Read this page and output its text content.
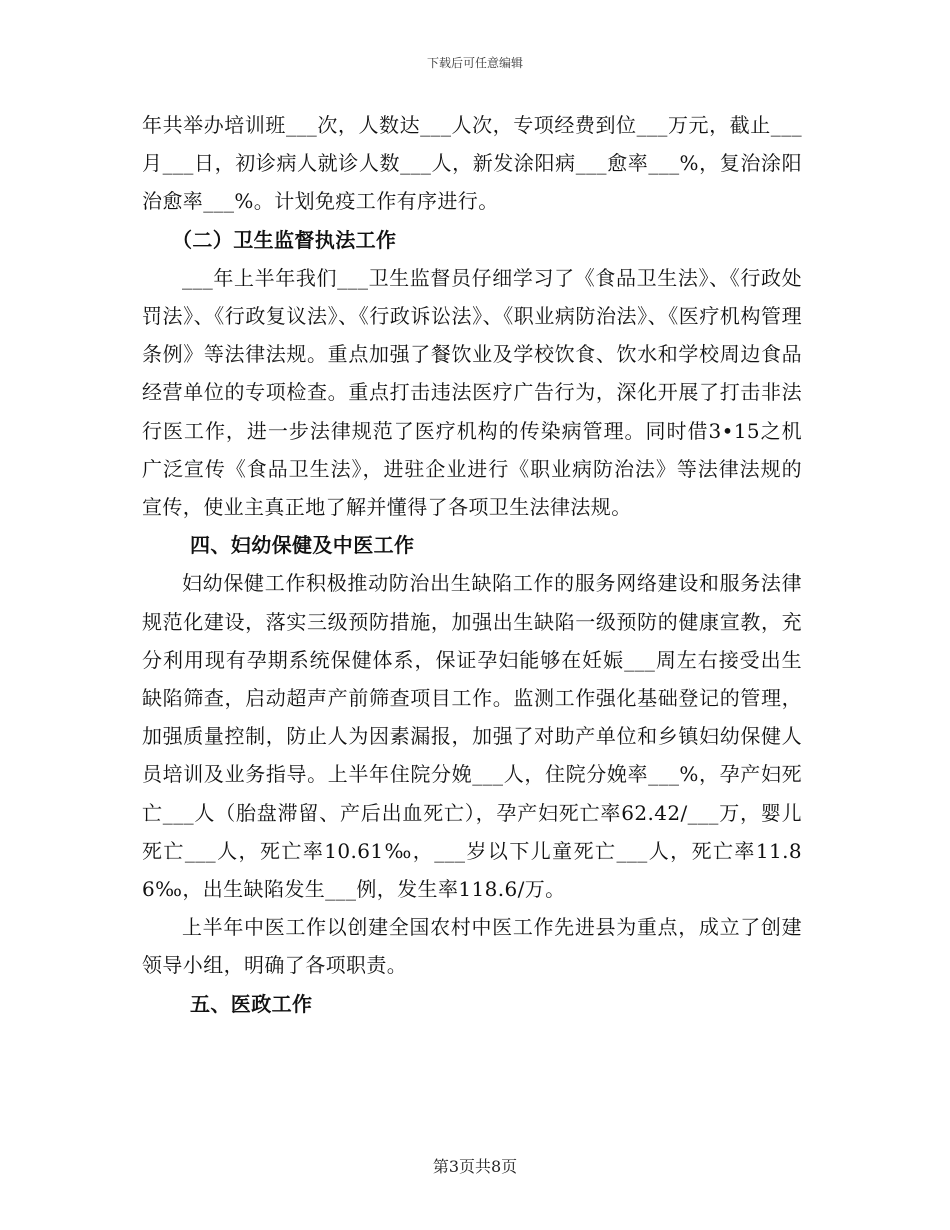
下载后可任意编辑

年共举办培训班___次，人数达___人次，专项经费到位___万元，截止___月___日，初诊病人就诊人数___人，新发涂阳病___愈率___%，复治涂阳治愈率___%。计划免疫工作有序进行。

（二）卫生监督执法工作

___年上半年我们___卫生监督员仔细学习了《食品卫生法》、《行政处罚法》、《行政复议法》、《行政诉讼法》、《职业病防治法》、《医疗机构管理条例》等法律法规。重点加强了餐饮业及学校饮食、饮水和学校周边食品经营单位的专项检查。重点打击违法医疗广告行为，深化开展了打击非法行医工作，进一步法律规范了医疗机构的传染病管理。同时借3•15之机广泛宣传《食品卫生法》，进驻企业进行《职业病防治法》等法律法规的宣传，使业主真正地了解并懂得了各项卫生法律法规。

四、妇幼保健及中医工作

妇幼保健工作积极推动防治出生缺陷工作的服务网络建设和服务法律规范化建设，落实三级预防措施，加强出生缺陷一级预防的健康宣教，充分利用现有孕期系统保健体系，保证孕妇能够在妊娠___周左右接受出生缺陷筛查，启动超声产前筛查项目工作。监测工作强化基础登记的管理，加强质量控制，防止人为因素漏报，加强了对助产单位和乡镇妇幼保健人员培训及业务指导。上半年住院分娩___人，住院分娩率___%，孕产妇死亡___人（胎盘滞留、产后出血死亡），孕产妇死亡率62.42/___万，婴儿死亡___人，死亡率10.61‰，___岁以下儿童死亡___人，死亡率11.86‰，出生缺陷发生___例，发生率118.6/万。

上半年中医工作以创建全国农村中医工作先进县为重点，成立了创建领导小组，明确了各项职责。

五、医政工作

第3页共8页
